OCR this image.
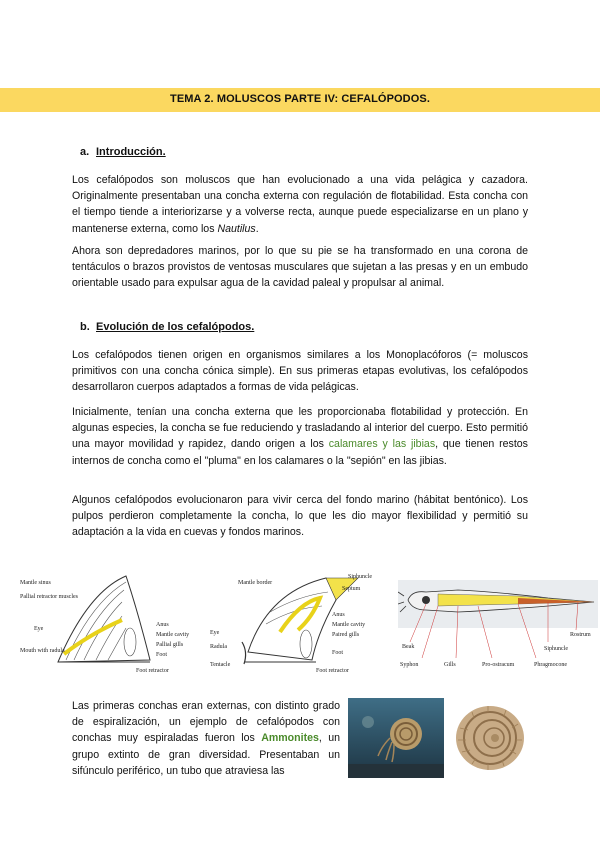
TEMA 2. MOLUSCOS PARTE IV: CEFALÓPODOS.
a. Introducción.
Los cefalópodos son moluscos que han evolucionado a una vida pelágica y cazadora. Originalmente presentaban una concha externa con regulación de flotabilidad. Esta concha con el tiempo tiende a interiorizarse y a volverse recta, aunque puede especializarse en un plano y mantenerse externa, como los Nautilus.
Ahora son depredadores marinos, por lo que su pie se ha transformado en una corona de tentáculos o brazos provistos de ventosas musculares que sujetan a las presas y en un embudo orientable usado para expulsar agua de la cavidad paleal y propulsar al animal.
b. Evolución de los cefalópodos.
Los cefalópodos tienen origen en organismos similares a los Monoplacóforos (= moluscos primitivos con una concha cónica simple). En sus primeras etapas evolutivas, los cefalópodos desarrollaron cuerpos adaptados a formas de vida pelágicas.
Inicialmente, tenían una concha externa que les proporcionaba flotabilidad y protección. En algunas especies, la concha se fue reduciendo y trasladando al interior del cuerpo. Esto permitió una mayor movilidad y rapidez, dando origen a los calamares y las jibias, que tienen restos internos de concha como el "pluma" en los calamares o la "sepión" en las jibias.
Algunos cefalópodos evolucionaron para vivir cerca del fondo marino (hábitat bentónico). Los pulpos perdieron completamente la concha, lo que les dio mayor flexibilidad y permitió su adaptación a la vida en cuevas y fondos marinos.
Mantle sinus
Pallial retractor muscles
Eye
Mouth with radula
Anus
Mantle cavity
Pallial gills
Foot
Foot retractor
Mantle border
Siphuncle
Septum
Eye
Radula
Tentacle
Anus
Mantle cavity
Paired gills
Foot
Foot retractor
Rostrum
Siphuncle
Beak
Syphon	Gills	Pro-ostracum	Phragmocone
Las primeras conchas eran externas, con distinto grado de espiralización, un ejemplo de cefalópodos con conchas muy espiraladas fueron los Ammonites, un grupo extinto de gran diversidad. Presentaban un sifúnculo periférico, un tubo que atraviesa las
